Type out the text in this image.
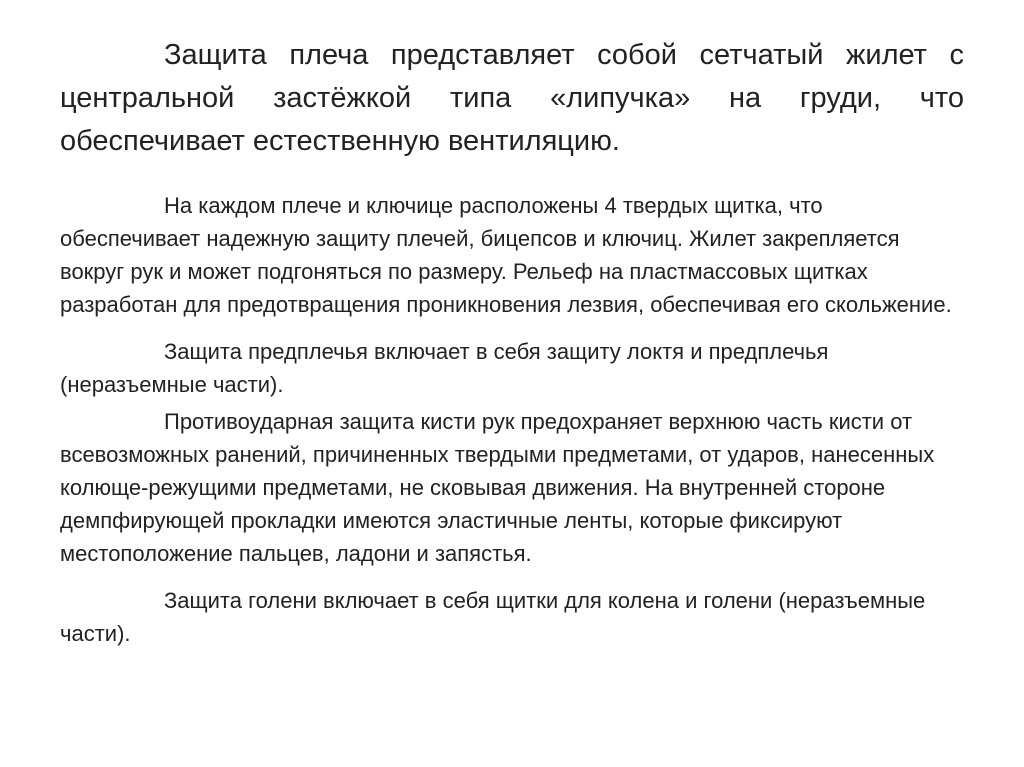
Защита плеча представляет собой сетчатый жилет с центральной застёжкой типа «липучка» на груди, что обеспечивает естественную вентиляцию.

На каждом плече и ключице расположены 4 твердых щитка, что обеспечивает надежную защиту плечей, бицепсов и ключиц. Жилет закрепляется вокруг рук и может подгоняться по размеру. Рельеф на пластмассовых щитках разработан для предотвращения проникновения лезвия, обеспечивая его скольжение.

Защита предплечья включает в себя защиту локтя и предплечья (неразъемные части).

Противоударная защита кисти рук предохраняет верхнюю часть кисти от всевозможных ранений, причиненных твердыми предметами, от ударов, нанесенных колюще-режущими предметами, не сковывая движения. На внутренней стороне демпфирующей прокладки имеются эластичные ленты, которые фиксируют местоположение пальцев, ладони и запястья.

Защита голени включает в себя щитки для колена и голени (неразъемные части).
